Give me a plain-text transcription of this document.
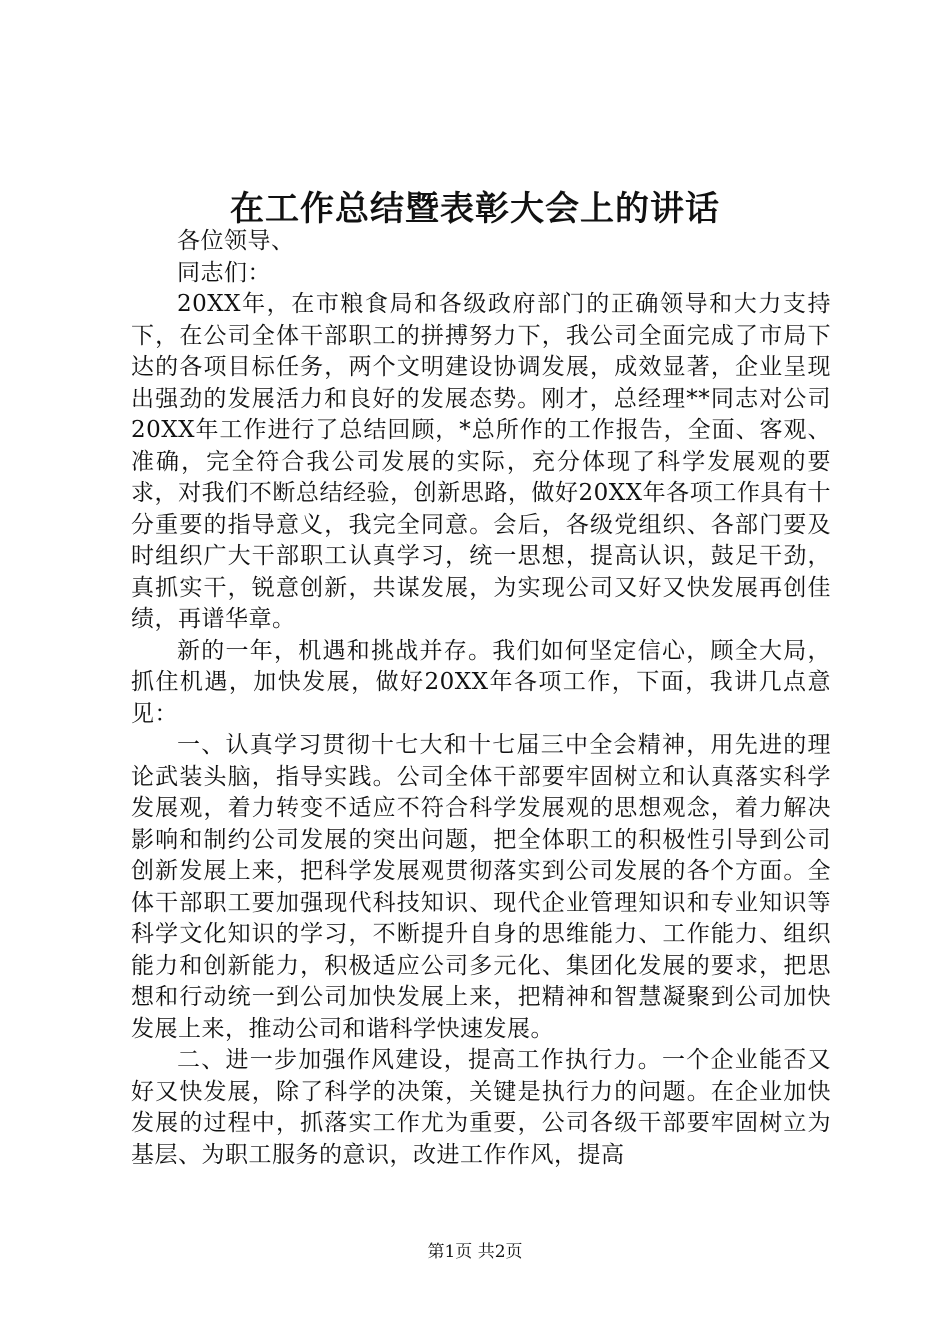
在工作总结暨表彰大会上的讲话

各位领导、

同志们：

20XX年，在市粮食局和各级政府部门的正确领导和大力支持下，在公司全体干部职工的拼搏努力下，我公司全面完成了市局下达的各项目标任务，两个文明建设协调发展，成效显著，企业呈现出强劲的发展活力和良好的发展态势。刚才，总经理**同志对公司20XX年工作进行了总结回顾，*总所作的工作报告，全面、客观、准确，完全符合我公司发展的实际，充分体现了科学发展观的要求，对我们不断总结经验，创新思路，做好20XX年各项工作具有十分重要的指导意义，我完全同意。会后，各级党组织、各部门要及时组织广大干部职工认真学习，统一思想，提高认识，鼓足干劲，真抓实干，锐意创新，共谋发展，为实现公司又好又快发展再创佳绩，再谱华章。

新的一年，机遇和挑战并存。我们如何坚定信心，顾全大局，抓住机遇，加快发展，做好20XX年各项工作，下面，我讲几点意见：

一、认真学习贯彻十七大和十七届三中全会精神，用先进的理论武装头脑，指导实践。公司全体干部要牢固树立和认真落实科学发展观，着力转变不适应不符合科学发展观的思想观念，着力解决影响和制约公司发展的突出问题，把全体职工的积极性引导到公司创新发展上来，把科学发展观贯彻落实到公司发展的各个方面。全体干部职工要加强现代科技知识、现代企业管理知识和专业知识等科学文化知识的学习，不断提升自身的思维能力、工作能力、组织能力和创新能力，积极适应公司多元化、集团化发展的要求，把思想和行动统一到公司加快发展上来，把精神和智慧凝聚到公司加快发展上来，推动公司和谐科学快速发展。

二、进一步加强作风建设，提高工作执行力。一个企业能否又好又快发展，除了科学的决策，关键是执行力的问题。在企业加快发展的过程中，抓落实工作尤为重要，公司各级干部要牢固树立为基层、为职工服务的意识，改进工作作风，提高

第1页 共2页
